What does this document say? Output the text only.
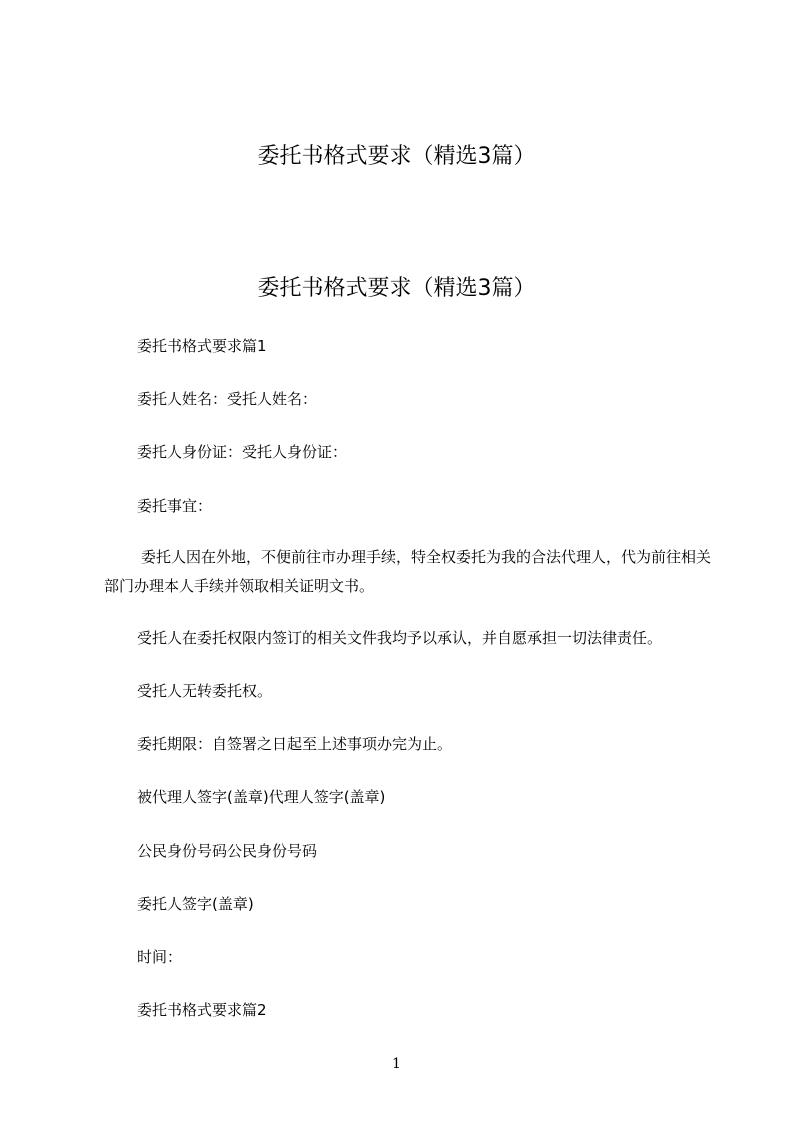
委托书格式要求（精选3篇）
委托书格式要求（精选3篇）
委托书格式要求篇1
委托人姓名：受托人姓名：
委托人身份证：受托人身份证：
委托事宜：
委托人因在外地，不便前往市办理手续，特全权委托为我的合法代理人，代为前往相关部门办理本人手续并领取相关证明文书。
受托人在委托权限内签订的相关文件我均予以承认，并自愿承担一切法律责任。
受托人无转委托权。
委托期限：自签署之日起至上述事项办完为止。
被代理人签字(盖章)代理人签字(盖章)
公民身份号码公民身份号码
委托人签字(盖章)
时间：
委托书格式要求篇2
1
